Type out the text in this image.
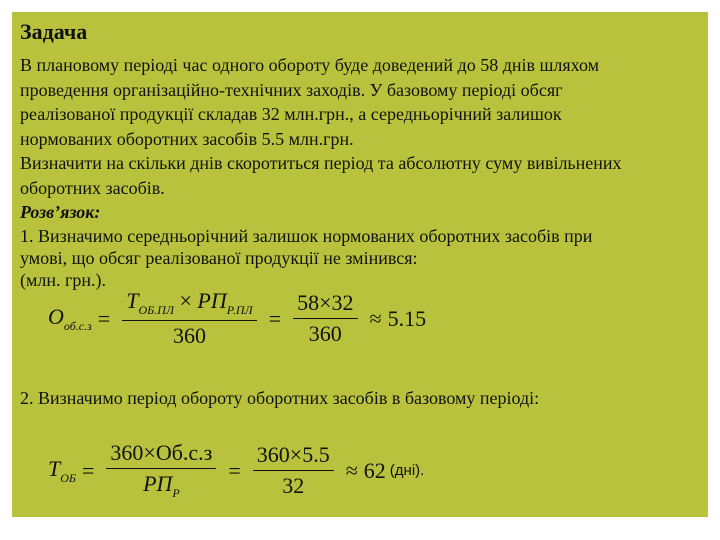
Задача

В плановому періоді час одного обороту буде доведений до 58 днів шляхом

проведення організаційно-технічних заходів. У базовому періоді обсяг

реалізованої продукції складав 32 млн.грн., а середньорічний залишок

нормованих оборотних засобів 5.5 млн.грн.

Визначити на скільки днів скоротиться період та абсолютну суму вивільнених

оборотних засобів.

Розв’язок:

1. Визначимо середньорічний залишок нормованих оборотних засобів при

умові, що обсяг реалізованої продукції не змінився:

(млн. грн.).

2. Визначимо період обороту оборотних засобів в базовому періоді:

$O_{об.с.з} = \frac{T_{ОБ.ПЛ} \times РП_{Р.ПЛ}}{360} = \frac{58\times 32}{360} \approx 5.15$
$T_{ОБ} = \frac{360\times Об.с.з}{РП_Р} = \frac{360\times 5.5}{32} \approx 62$ (дні).
